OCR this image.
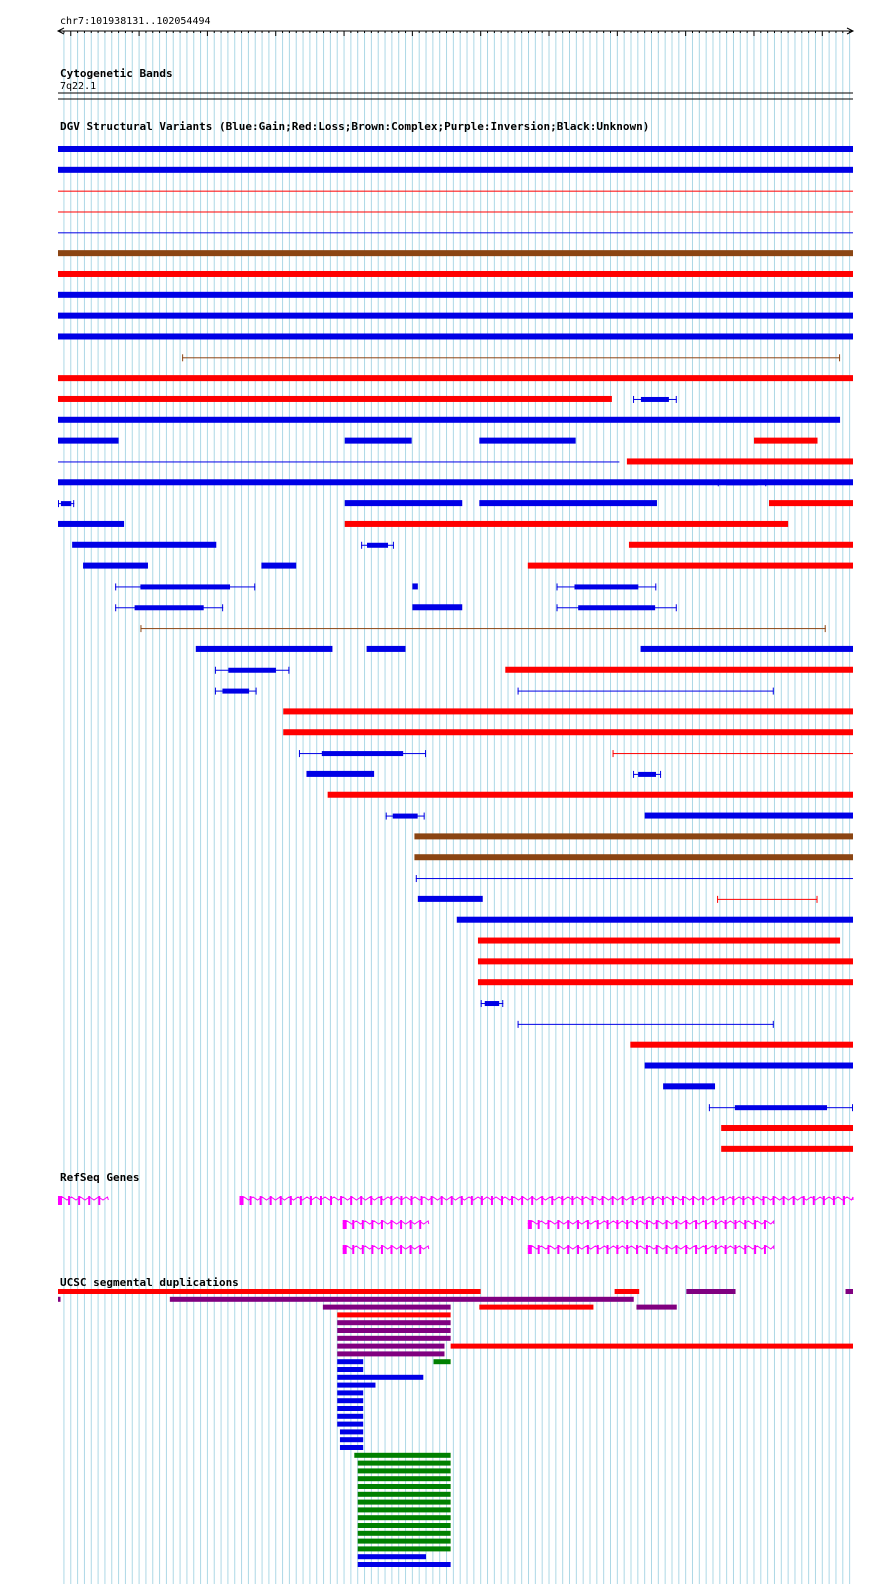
chr7:101938131..102054494
Cytogenetic Bands
7q22.1
DGV Structural Variants (Blue:Gain;Red:Loss;Brown:Complex;Purple:Inversion;Black:Unknown)
RefSeq Genes
UCSC segmental duplications
